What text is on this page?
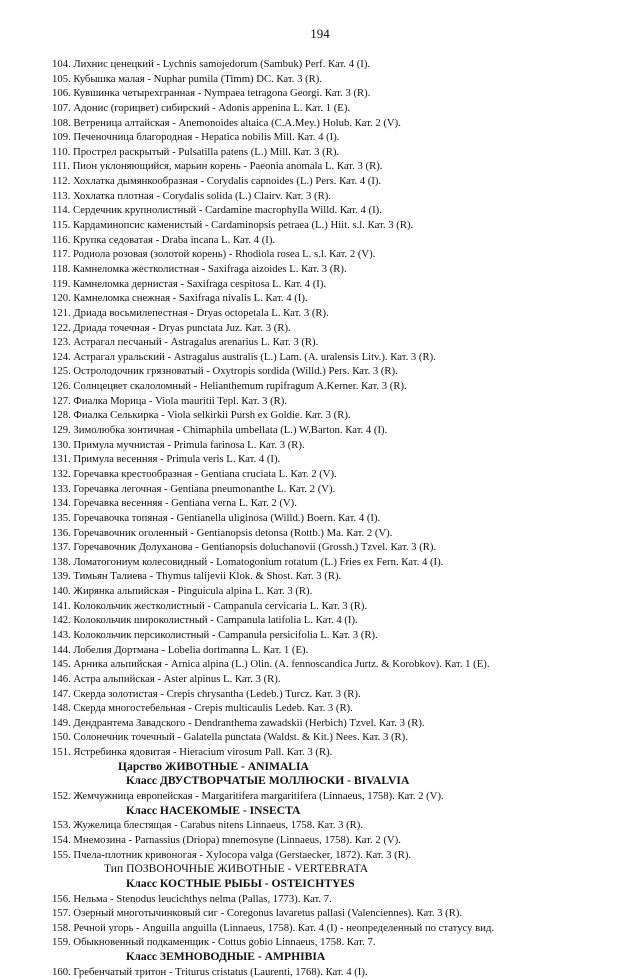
194
104. Лихнис ценецкий - Lychnis samojedorum (Sambuk) Perf. Кат. 4 (I).
105. Кубышка малая - Nuphar pumila (Timm) DC. Кат. 3 (R).
106. Кувшинка четырехгранная - Nympaea tetragona Georgi. Кат. 3 (R).
107. Адонис (горицвет) сибирский - Adonis appenina L. Кат. 1 (E).
108. Ветреница алтайская - Anemonoides altaica (C.A.Mey.) Holub. Кат. 2 (V).
109. Печеночница благородная - Hepatica nobilis Mill. Кат. 4 (I).
110. Прострел раскрытый - Pulsatilla patens (L.) Mill. Кат. 3 (R).
111. Пион уклоняющийся, марьин корень - Paeonia anomala L. Кат. 3 (R).
112. Хохлатка дымянкообразная - Corydalis capnoides (L.) Pers. Кат. 4 (I).
113. Хохлатка плотная - Corydalis solida (L.) Clairv. Кат. 3 (R).
114. Сердечник крупнолистный - Cardamine macrophylla Willd. Кат. 4 (I).
115. Кардаминопсис каменистый - Cardaminopsis petraea (L.) Hiit. s.l. Кат. 3 (R).
116. Крупка седоватая - Draba incana L. Кат. 4 (I).
117. Родиола розовая (золотой корень) - Rhodiola rosea L. s.l. Кат. 2 (V).
118. Камнеломка жестколистная - Saxifraga aizoides L. Кат. 3 (R).
119. Камнеломка дернистая - Saxifraga cespitosa L. Кат. 4 (I).
120. Камнеломка снежная - Saxifraga nivalis L. Кат. 4 (I).
121. Дриада восьмилепестная - Dryas octopetala L. Кат. 3 (R).
122. Дриада точечная - Dryas punctata Juz. Кат. 3 (R).
123. Астрагал песчаный - Astragalus arenarius L. Кат. 3 (R).
124. Астрагал уральский - Astragalus australis (L.) Lam. (A. uralensis Litv.). Кат. 3 (R).
125. Остролодочник грязноватый - Oxytropis sordida (Willd.) Pers. Кат. 3 (R).
126. Солнцецвет скалоломный - Helianthemum rupifragum A.Kerner. Кат. 3 (R).
127. Фиалка Морица - Viola mauritii Tepl. Кат. 3 (R).
128. Фиалка Селькирка - Viola selkirkii Pursh ex Goldie. Кат. 3 (R).
129. Зимолюбка зонтичная - Chimaphila umbellata (L.) W.Barton. Кат. 4 (I).
130. Примула мучнистая - Primula farinosa L. Кат. 3 (R).
131. Примула весенняя - Primula veris L. Кат. 4 (I).
132. Горечавка крестообразная - Gentiana cruciata L. Кат. 2 (V).
133. Горечавка легочная - Gentiana pneumonanthe L. Кат. 2 (V).
134. Горечавка весенняя - Gentiana verna L. Кат. 2 (V).
135. Горечавочка топяная - Gentianella uliginosa (Willd.) Boern. Кат. 4 (I).
136. Горечавочник оголенный - Gentianopsis detonsa (Rottb.) Ma. Кат. 2 (V).
137. Горечавочник Долуханова - Gentianopsis doluchanovii (Grossh.) Tzvel. Кат. 3 (R).
138. Ломатогониум колесовидный - Lomatogonium rotatum (L.) Fries ex Fern. Кат. 4 (I).
139. Тимьян Талиева - Thymus talijevii Klok. & Shost. Кат. 3 (R).
140. Жирянка альпийская - Pinguicula alpina L. Кат. 3 (R).
141. Колокольчик жестколистный - Campanula cervicaria L. Кат. 3 (R).
142. Колокольчик широколистный - Campanula latifolia L. Кат. 4 (I).
143. Колокольчик персиколистный - Campanula persicifolia L. Кат. 3 (R).
144. Лобелия Дортмана - Lobelia dortmanna L. Кат. 1 (E).
145. Арника альпийская - Arnica alpina (L.) Olin. (A. fennoscandica Jurtz. & Korobkov). Кат. 1 (E).
146. Астра альпийская - Aster alpinus L. Кат. 3 (R).
147. Скерда золотистая - Crepis chrysantha (Ledeb.) Turcz. Кат. 3 (R).
148. Скерда многостебельная - Crepis multicaulis Ledeb. Кат. 3 (R).
149. Дендрантема Завадского - Dendranthema zawadskii (Herbich) Tzvel. Кат. 3 (R).
150. Солонечник точечный - Galatella punctata (Waldst. & Kit.) Nees. Кат. 3 (R).
151. Ястребинка ядовитая - Hieracium virosum Pall. Кат. 3 (R).
Царство ЖИВОТНЫЕ - ANIMALIA
Класс ДВУСТВОРЧАТЫЕ МОЛЛЮСКИ - BIVALVIA
152. Жемчужница европейская - Margaritifera margaritifera (Linnaeus, 1758). Кат. 2 (V).
Класс НАСЕКОМЫЕ - INSECTA
153. Жужелица блестящая - Carabus nitens Linnaeus, 1758. Кат. 3 (R).
154. Мнемозина - Parnassius (Driopa) mnemosyne (Linnaeus, 1758). Кат. 2 (V).
155. Пчела-плотник кривоногая - Xylocopa valga (Gerstaecker, 1872). Кат. 3 (R).
Тип ПОЗВОНОЧНЫЕ ЖИВОТНЫЕ - VERTEBRATA
Класс КОСТНЫЕ РЫБЫ - OSTEICHTYES
156. Нельма - Stenodus leucichthys nelma (Pallas, 1773). Кат. 7.
157. Озерный многотычинковый сиг - Coregonus lavaretus pallasi (Valenciennes). Кат. 3 (R).
158. Речной угорь - Anguilla anguilla (Linnaeus, 1758). Кат. 4 (I) - неопределенный по статусу вид.
159. Обыкновенный подкаменщик - Cottus gobio Linnaeus, 1758. Кат. 7.
Класс ЗЕМНОВОДНЫЕ - AMPHIBIA
160. Гребенчатый тритон - Triturus cristatus (Laurenti, 1768). Кат. 4 (I).
